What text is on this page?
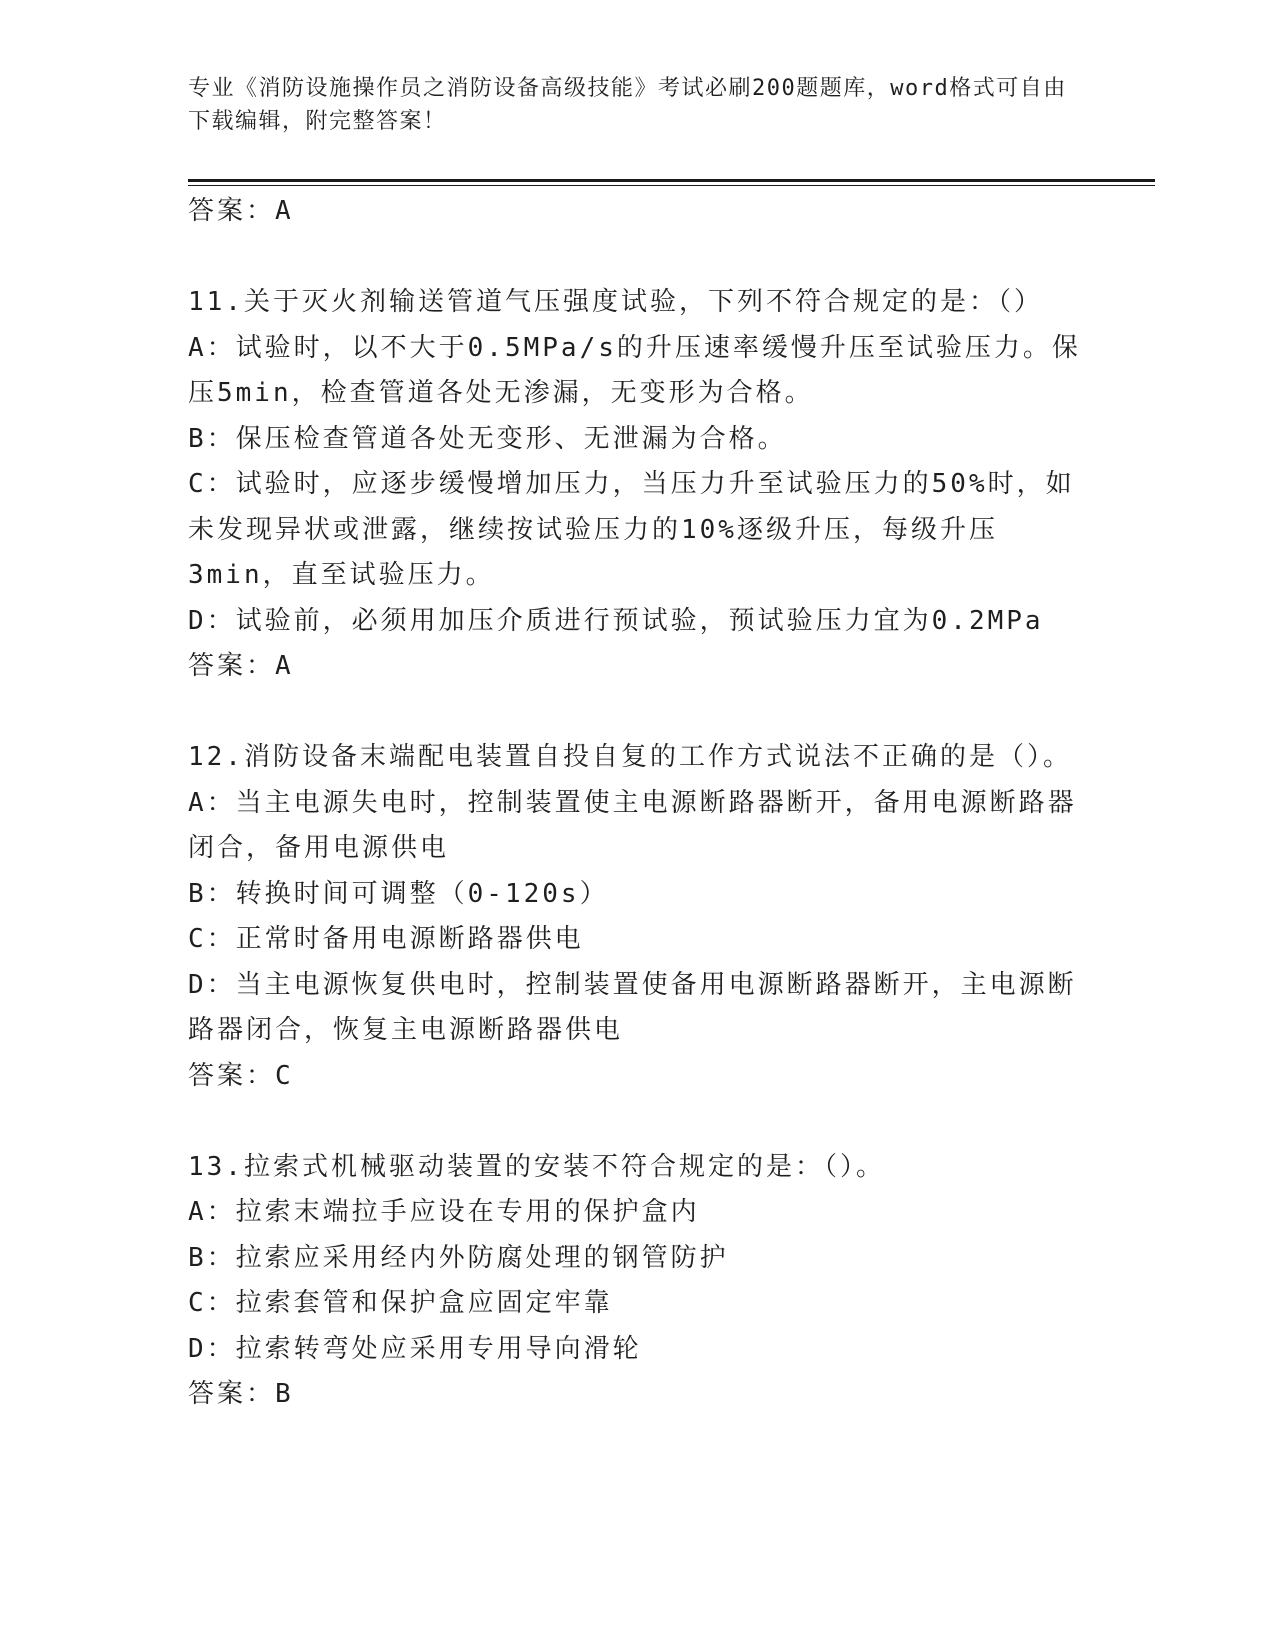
专业《消防设施操作员之消防设备高级技能》考试必刷200题题库，word格式可自由下载编辑，附完整答案！

答案：A

11.关于灭火剂输送管道气压强度试验，下列不符合规定的是：（）

A：试验时，以不大于0.5MPa/s的升压速率缓慢升压至试验压力。保压5min，检查管道各处无渗漏，无变形为合格。

B：保压检查管道各处无变形、无泄漏为合格。

C：试验时，应逐步缓慢增加压力，当压力升至试验压力的50%时，如未发现异状或泄露，继续按试验压力的10%逐级升压，每级升压3min，直至试验压力。

D：试验前，必须用加压介质进行预试验，预试验压力宜为0.2MPa

答案：A

12.消防设备末端配电装置自投自复的工作方式说法不正确的是（）。

A：当主电源失电时，控制装置使主电源断路器断开，备用电源断路器闭合，备用电源供电

B：转换时间可调整（0-120s）

C：正常时备用电源断路器供电

D：当主电源恢复供电时，控制装置使备用电源断路器断开，主电源断路器闭合，恢复主电源断路器供电

答案：C

13.拉索式机械驱动装置的安装不符合规定的是：（）。

A：拉索末端拉手应设在专用的保护盒内

B：拉索应采用经内外防腐处理的钢管防护

C：拉索套管和保护盒应固定牢靠

D：拉索转弯处应采用专用导向滑轮

答案：B
